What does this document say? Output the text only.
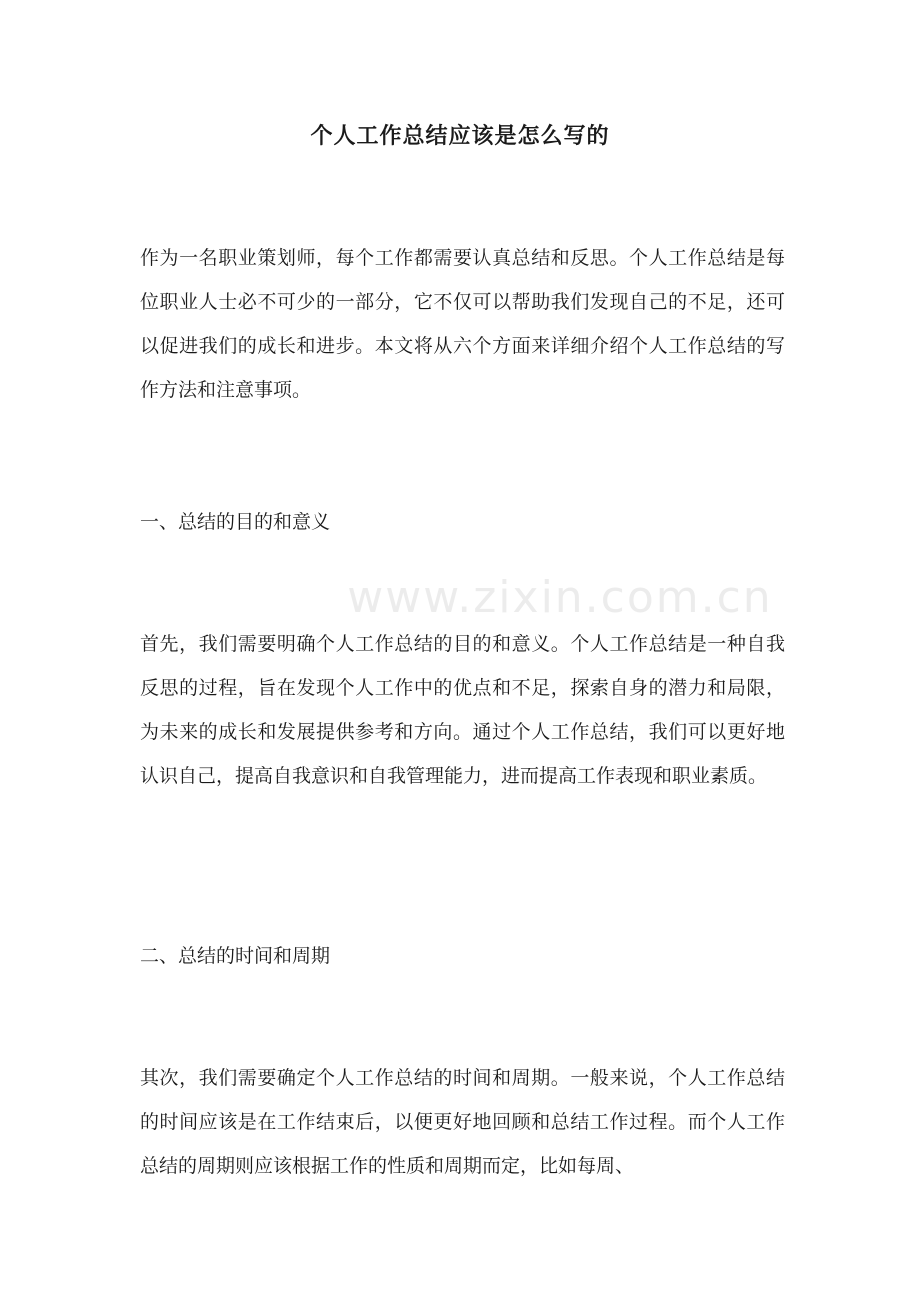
个人工作总结应该是怎么写的

作为一名职业策划师，每个工作都需要认真总结和反思。个人工作总结是每位职业人士必不可少的一部分，它不仅可以帮助我们发现自己的不足，还可以促进我们的成长和进步。本文将从六个方面来详细介绍个人工作总结的写作方法和注意事项。

一、总结的目的和意义

www.zixin.com.cn

首先，我们需要明确个人工作总结的目的和意义。个人工作总结是一种自我反思的过程，旨在发现个人工作中的优点和不足，探索自身的潜力和局限，为未来的成长和发展提供参考和方向。通过个人工作总结，我们可以更好地认识自己，提高自我意识和自我管理能力，进而提高工作表现和职业素质。

二、总结的时间和周期

其次，我们需要确定个人工作总结的时间和周期。一般来说，个人工作总结的时间应该是在工作结束后，以便更好地回顾和总结工作过程。而个人工作总结的周期则应该根据工作的性质和周期而定，比如每周、
